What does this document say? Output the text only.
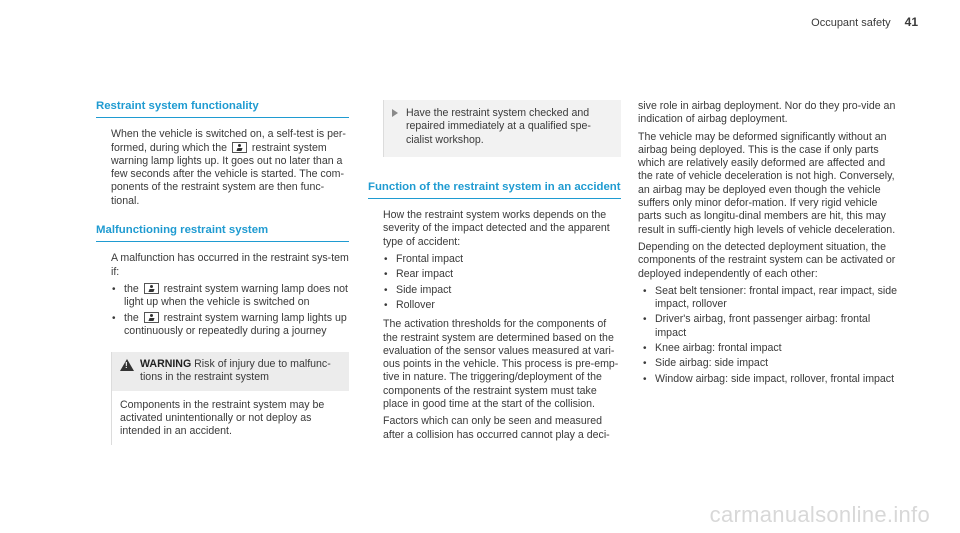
Occupant safety 41
Restraint system functionality

When the vehicle is switched on, a self-test is per-formed, during which the restraint system warning lamp lights up. It goes out no later than a few seconds after the vehicle is started. The com-ponents of the restraint system are then func-tional.

Malfunctioning restraint system

A malfunction has occurred in the restraint sys-tem if:

• the restraint system warning lamp does not light up when the vehicle is switched on
• the restraint system warning lamp lights up continuously or repeatedly during a journey
! WARNING Risk of injury due to malfunc-tions in the restraint system
Components in the restraint system may be activated unintentionally or not deploy as intended in an accident.
Have the restraint system checked and repaired immediately at a qualified spe-cialist workshop.
Function of the restraint system in an accident

How the restraint system works depends on the severity of the impact detected and the apparent type of accident:

• Frontal impact
• Rear impact
• Side impact
• Rollover

The activation thresholds for the components of the restraint system are determined based on the evaluation of the sensor values measured at vari-ous points in the vehicle. This process is pre-emp-tive in nature. The triggering/deployment of the components of the restraint system must take place in good time at the start of the collision.

Factors which can only be seen and measured after a collision has occurred cannot play a deci-

sive role in airbag deployment. Nor do they pro-vide an indication of airbag deployment.

The vehicle may be deformed significantly without an airbag being deployed. This is the case if only parts which are relatively easily deformed are affected and the rate of vehicle deceleration is not high. Conversely, an airbag may be deployed even though the vehicle suffers only minor defor-mation. If very rigid vehicle parts such as longitu-dinal members are hit, this may result in suffi-ciently high levels of vehicle deceleration.

Depending on the detected deployment situation, the components of the restraint system can be activated or deployed independently of each other:

• Seat belt tensioner: frontal impact, rear impact, side impact, rollover
• Driver's airbag, front passenger airbag: frontal impact
• Knee airbag: frontal impact
• Side airbag: side impact
• Window airbag: side impact, rollover, frontal impact
carmanualsonline.info
